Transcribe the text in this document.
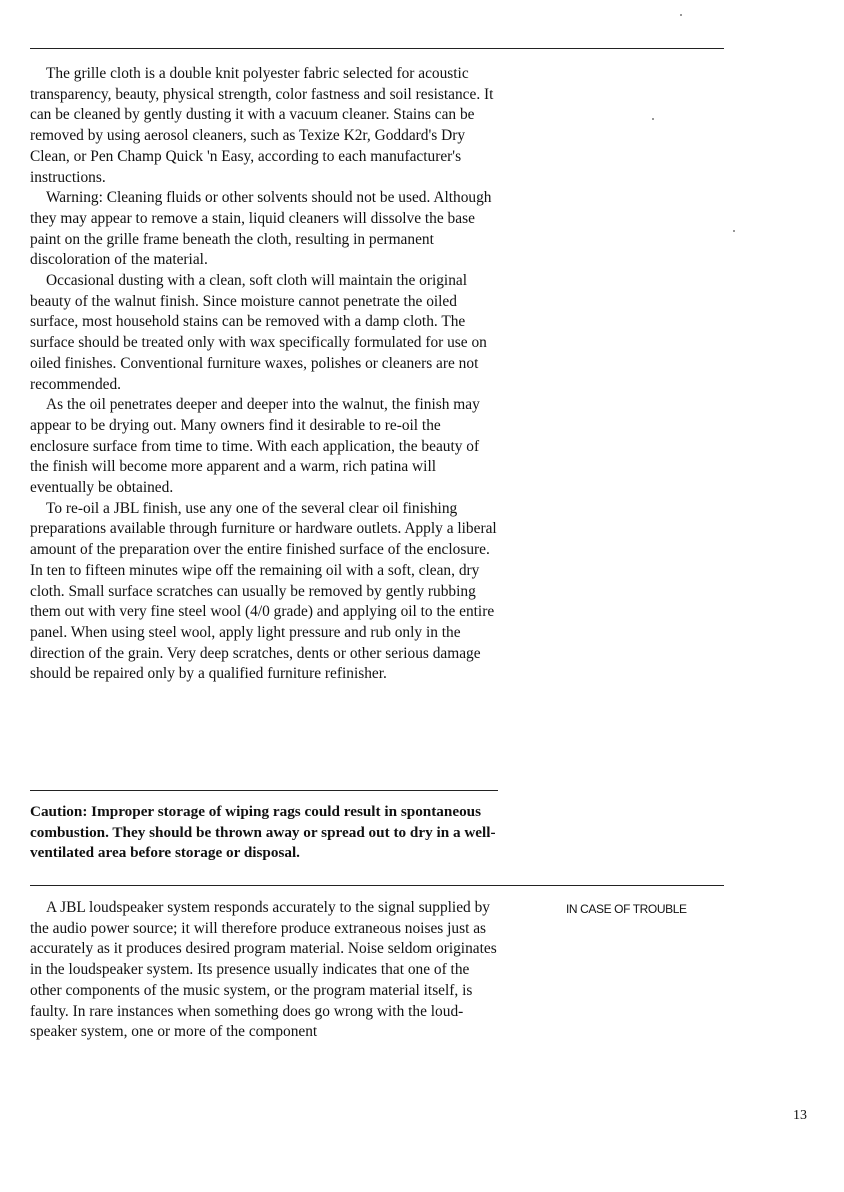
The grille cloth is a double knit polyester fabric selected for acoustic transparency, beauty, physical strength, color fastness and soil resistance. It can be cleaned by gently dusting it with a vacuum cleaner. Stains can be removed by using aerosol cleaners, such as Texize K2r, Goddard's Dry Clean, or Pen Champ Quick 'n Easy, according to each manufacturer's instructions.

Warning: Cleaning fluids or other solvents should not be used. Although they may appear to remove a stain, liquid cleaners will dissolve the base paint on the grille frame beneath the cloth, resulting in permanent discoloration of the material.

Occasional dusting with a clean, soft cloth will maintain the original beauty of the walnut finish. Since moisture cannot penetrate the oiled surface, most household stains can be removed with a damp cloth. The surface should be treated only with wax specifically formulated for use on oiled finishes. Conventional furniture waxes, polishes or cleaners are not recommended.

As the oil penetrates deeper and deeper into the walnut, the finish may appear to be drying out. Many owners find it desirable to re-oil the enclosure surface from time to time. With each application, the beauty of the finish will become more apparent and a warm, rich patina will eventually be obtained.

To re-oil a JBL finish, use any one of the several clear oil finishing preparations available through furniture or hardware outlets. Apply a liberal amount of the preparation over the entire finished surface of the enclosure. In ten to fifteen minutes wipe off the remaining oil with a soft, clean, dry cloth. Small surface scratches can usually be removed by gently rubbing them out with very fine steel wool (4/0 grade) and applying oil to the entire panel. When using steel wool, apply light pressure and rub only in the direction of the grain. Very deep scratches, dents or other serious damage should be repaired only by a qualified furniture refinisher.

Caution: Improper storage of wiping rags could result in spontaneous combustion. They should be thrown away or spread out to dry in a well-ventilated area before storage or disposal.

A JBL loudspeaker system responds accurately to the signal supplied by the audio power source; it will therefore produce extraneous noises just as accurately as it produces desired program material. Noise seldom originates in the loudspeaker system. Its presence usually indicates that one of the other components of the music system, or the program material itself, is faulty. In rare instances when something does go wrong with the loud-speaker system, one or more of the component

IN CASE OF TROUBLE
13
